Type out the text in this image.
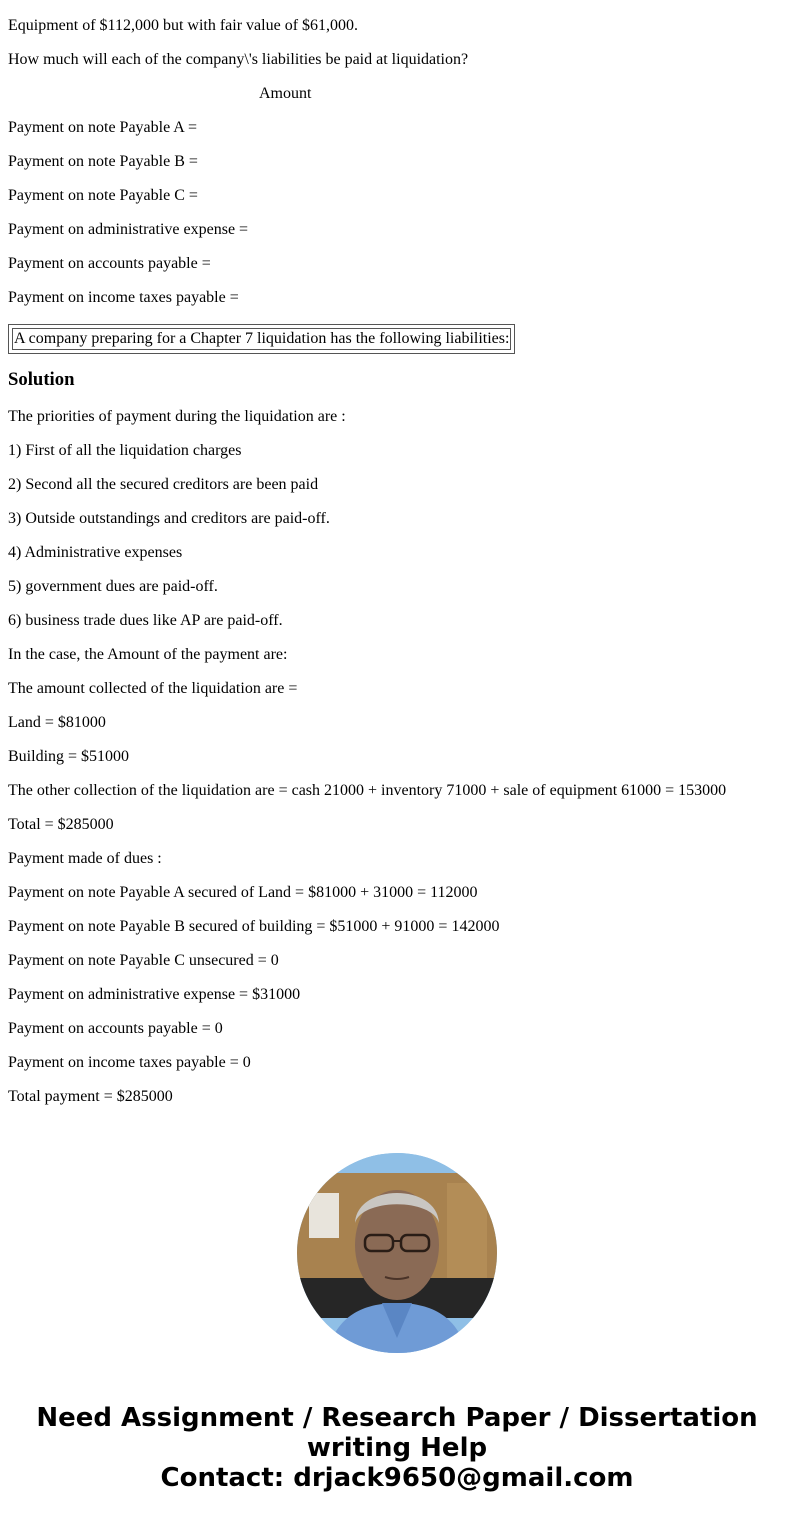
Equipment of $112,000 but with fair value of $61,000.

How much will each of the company\'s liabilities be paid at liquidation?

Amount

Payment on note Payable A =

Payment on note Payable B =

Payment on note Payable C =

Payment on administrative expense =

Payment on accounts payable =

Payment on income taxes payable =

A company preparing for a Chapter 7 liquidation has the following liabilities:
Solution

The priorities of payment during the liquidation are :

1) First of all the liquidation charges

2) Second all the secured creditors are been paid

3) Outside outstandings and creditors are paid-off.

4) Administrative expenses

5) government dues are paid-off.

6) business trade dues like AP are paid-off.

In the case, the Amount of the payment are:

The amount collected of the liquidation are =

Land = $81000

Building = $51000

The other collection of the liquidation are = cash 21000 + inventory 71000 + sale of equipment 61000 = 153000

Total = $285000

Payment made of dues :

Payment on note Payable A secured of Land = $81000 + 31000 = 112000

Payment on note Payable B secured of building = $51000 + 91000 = 142000

Payment on note Payable C unsecured = 0

Payment on administrative expense = $31000

Payment on accounts payable = 0

Payment on income taxes payable = 0

Total payment = $285000

Need Assignment / Research Paper / Dissertation
writing Help
Contact: drjack9650@gmail.com
